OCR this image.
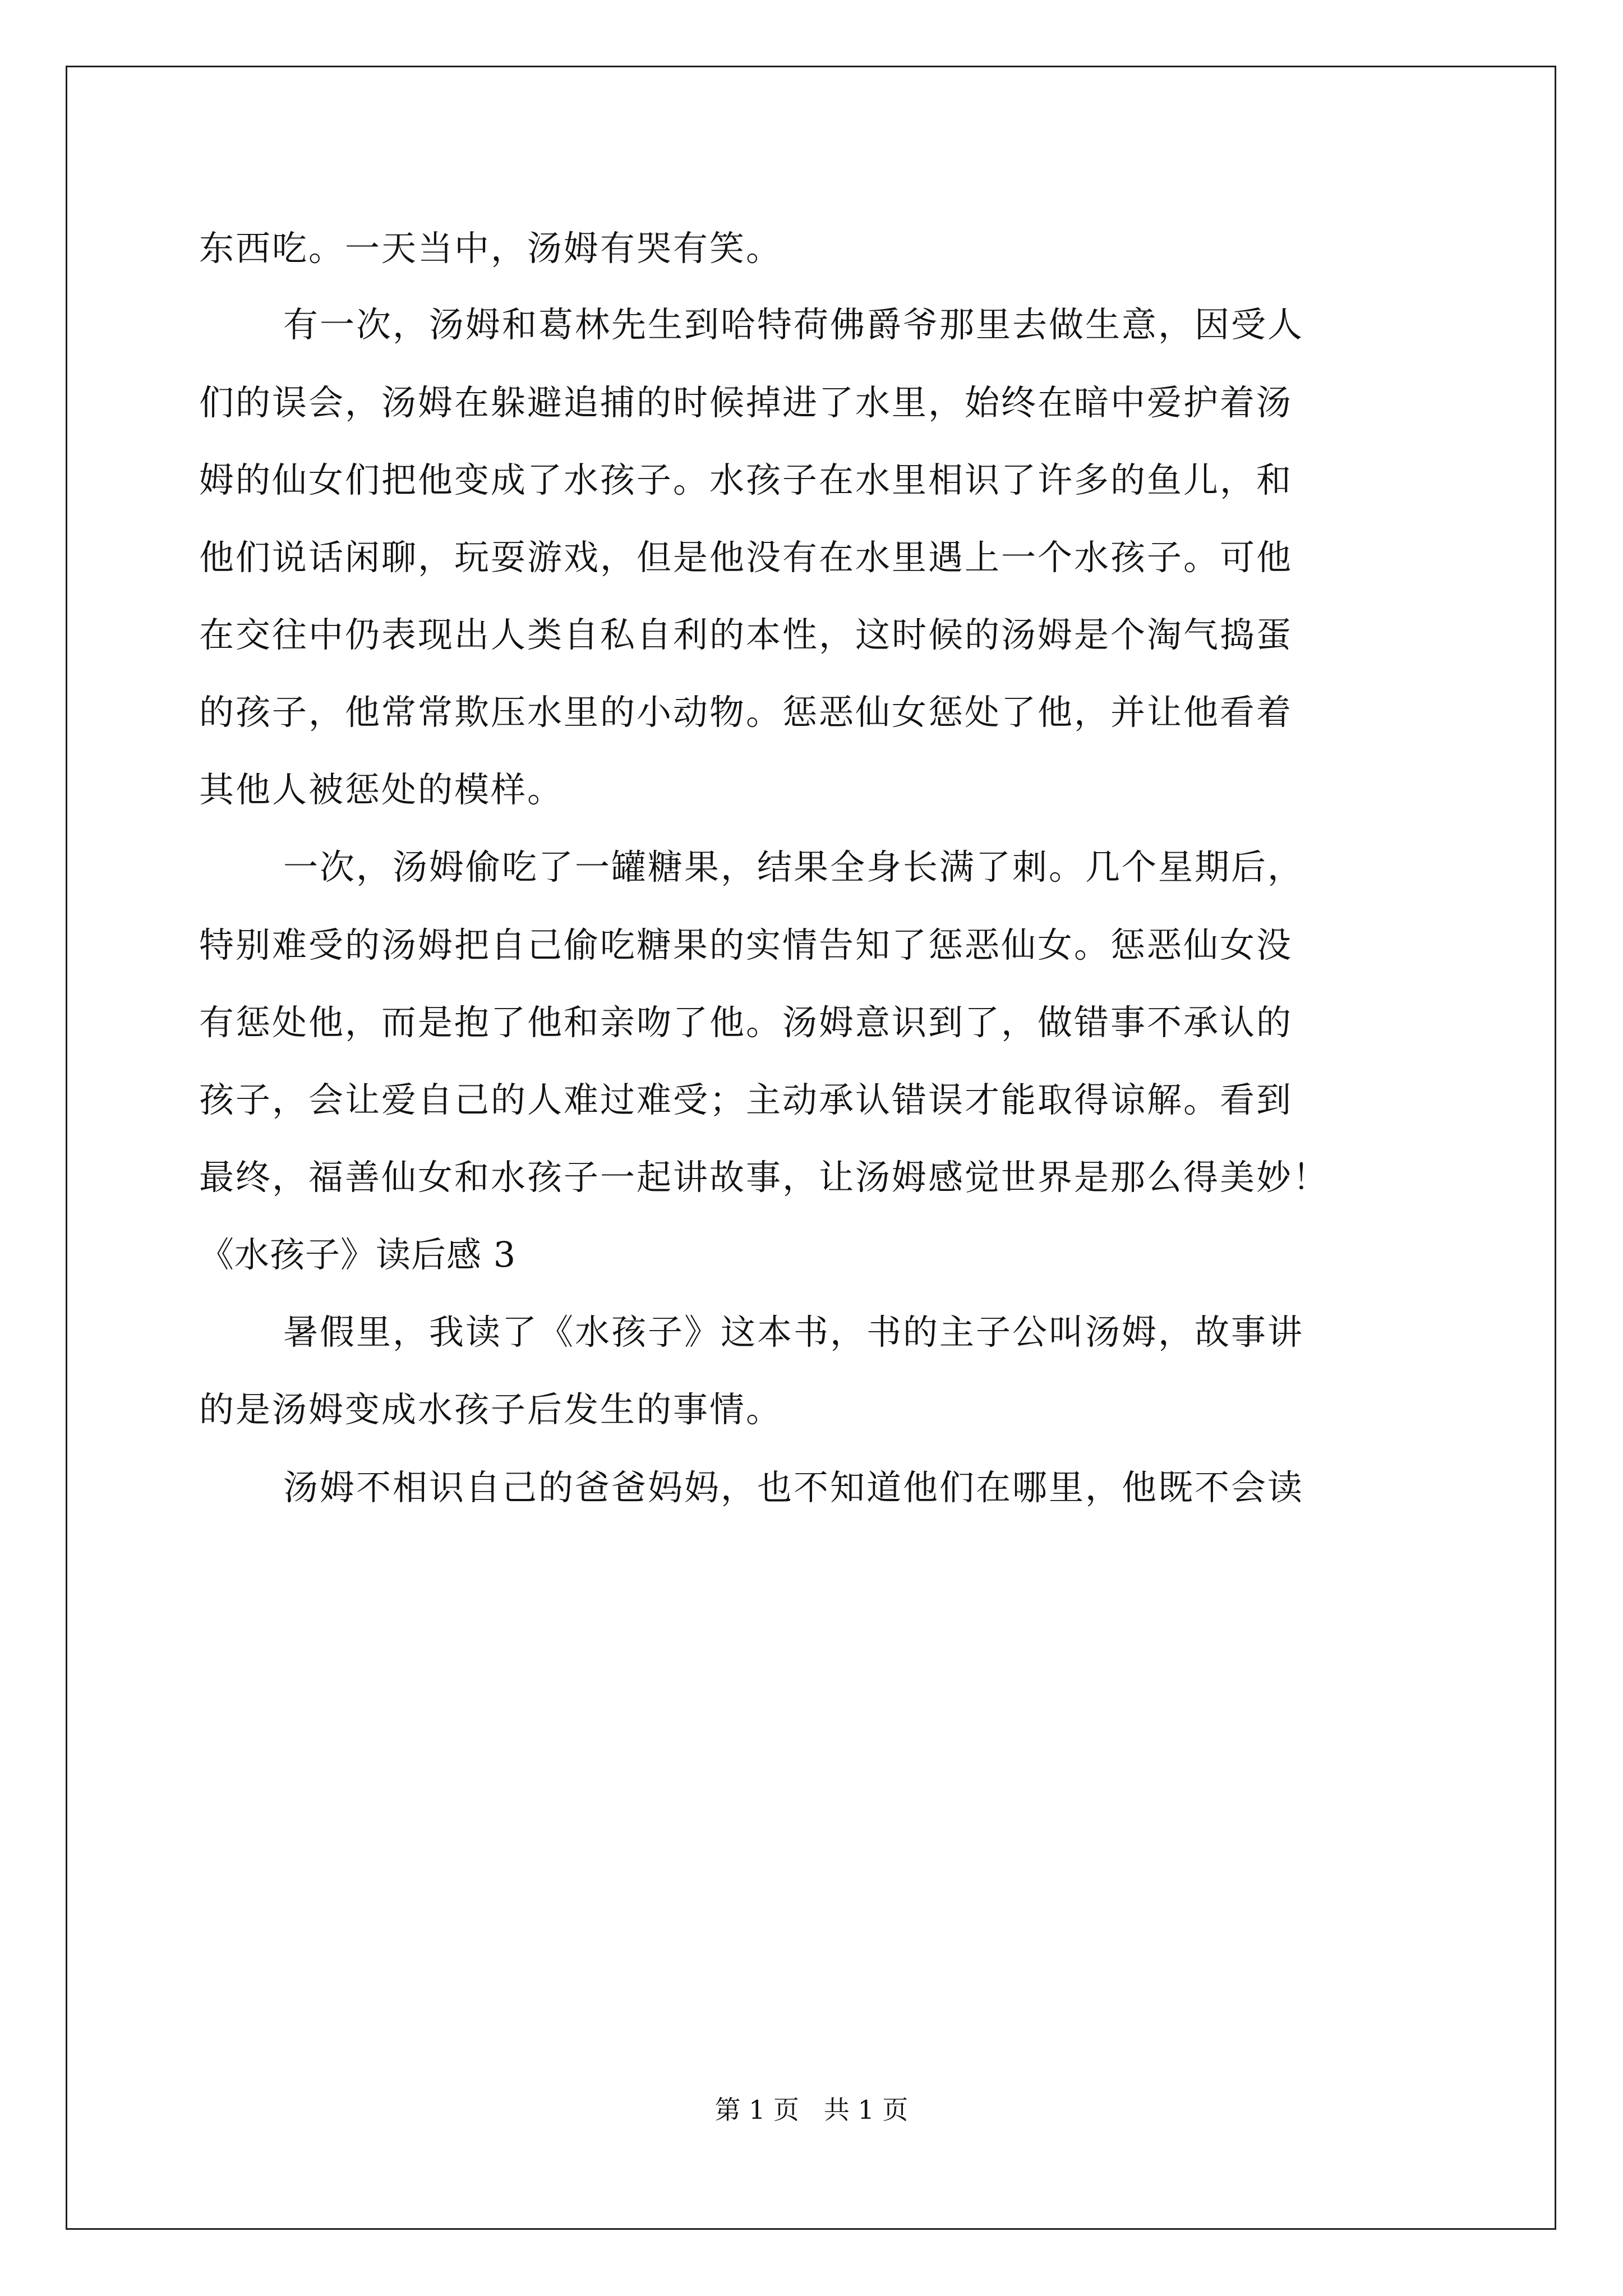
东西吃。一天当中，汤姆有哭有笑。
有一次，汤姆和葛林先生到哈特荷佛爵爷那里去做生意，因受人
们的误会，汤姆在躲避追捕的时候掉进了水里，始终在暗中爱护着汤
姆的仙女们把他变成了水孩子。水孩子在水里相识了许多的鱼儿，和
他们说话闲聊，玩耍游戏，但是他没有在水里遇上一个水孩子。可他
在交往中仍表现出人类自私自利的本性，这时候的汤姆是个淘气捣蛋
的孩子，他常常欺压水里的小动物。惩恶仙女惩处了他，并让他看着
其他人被惩处的模样。
一次，汤姆偷吃了一罐糖果，结果全身长满了刺。几个星期后，
特别难受的汤姆把自己偷吃糖果的实情告知了惩恶仙女。惩恶仙女没
有惩处他，而是抱了他和亲吻了他。汤姆意识到了，做错事不承认的
孩子，会让爱自己的人难过难受；主动承认错误才能取得谅解。看到
最终，福善仙女和水孩子一起讲故事，让汤姆感觉世界是那么得美妙！
《水孩子》读后感 3
暑假里，我读了《水孩子》这本书，书的主子公叫汤姆，故事讲
的是汤姆变成水孩子后发生的事情。
汤姆不相识自己的爸爸妈妈，也不知道他们在哪里，他既不会读
第 1 页   共 1 页
